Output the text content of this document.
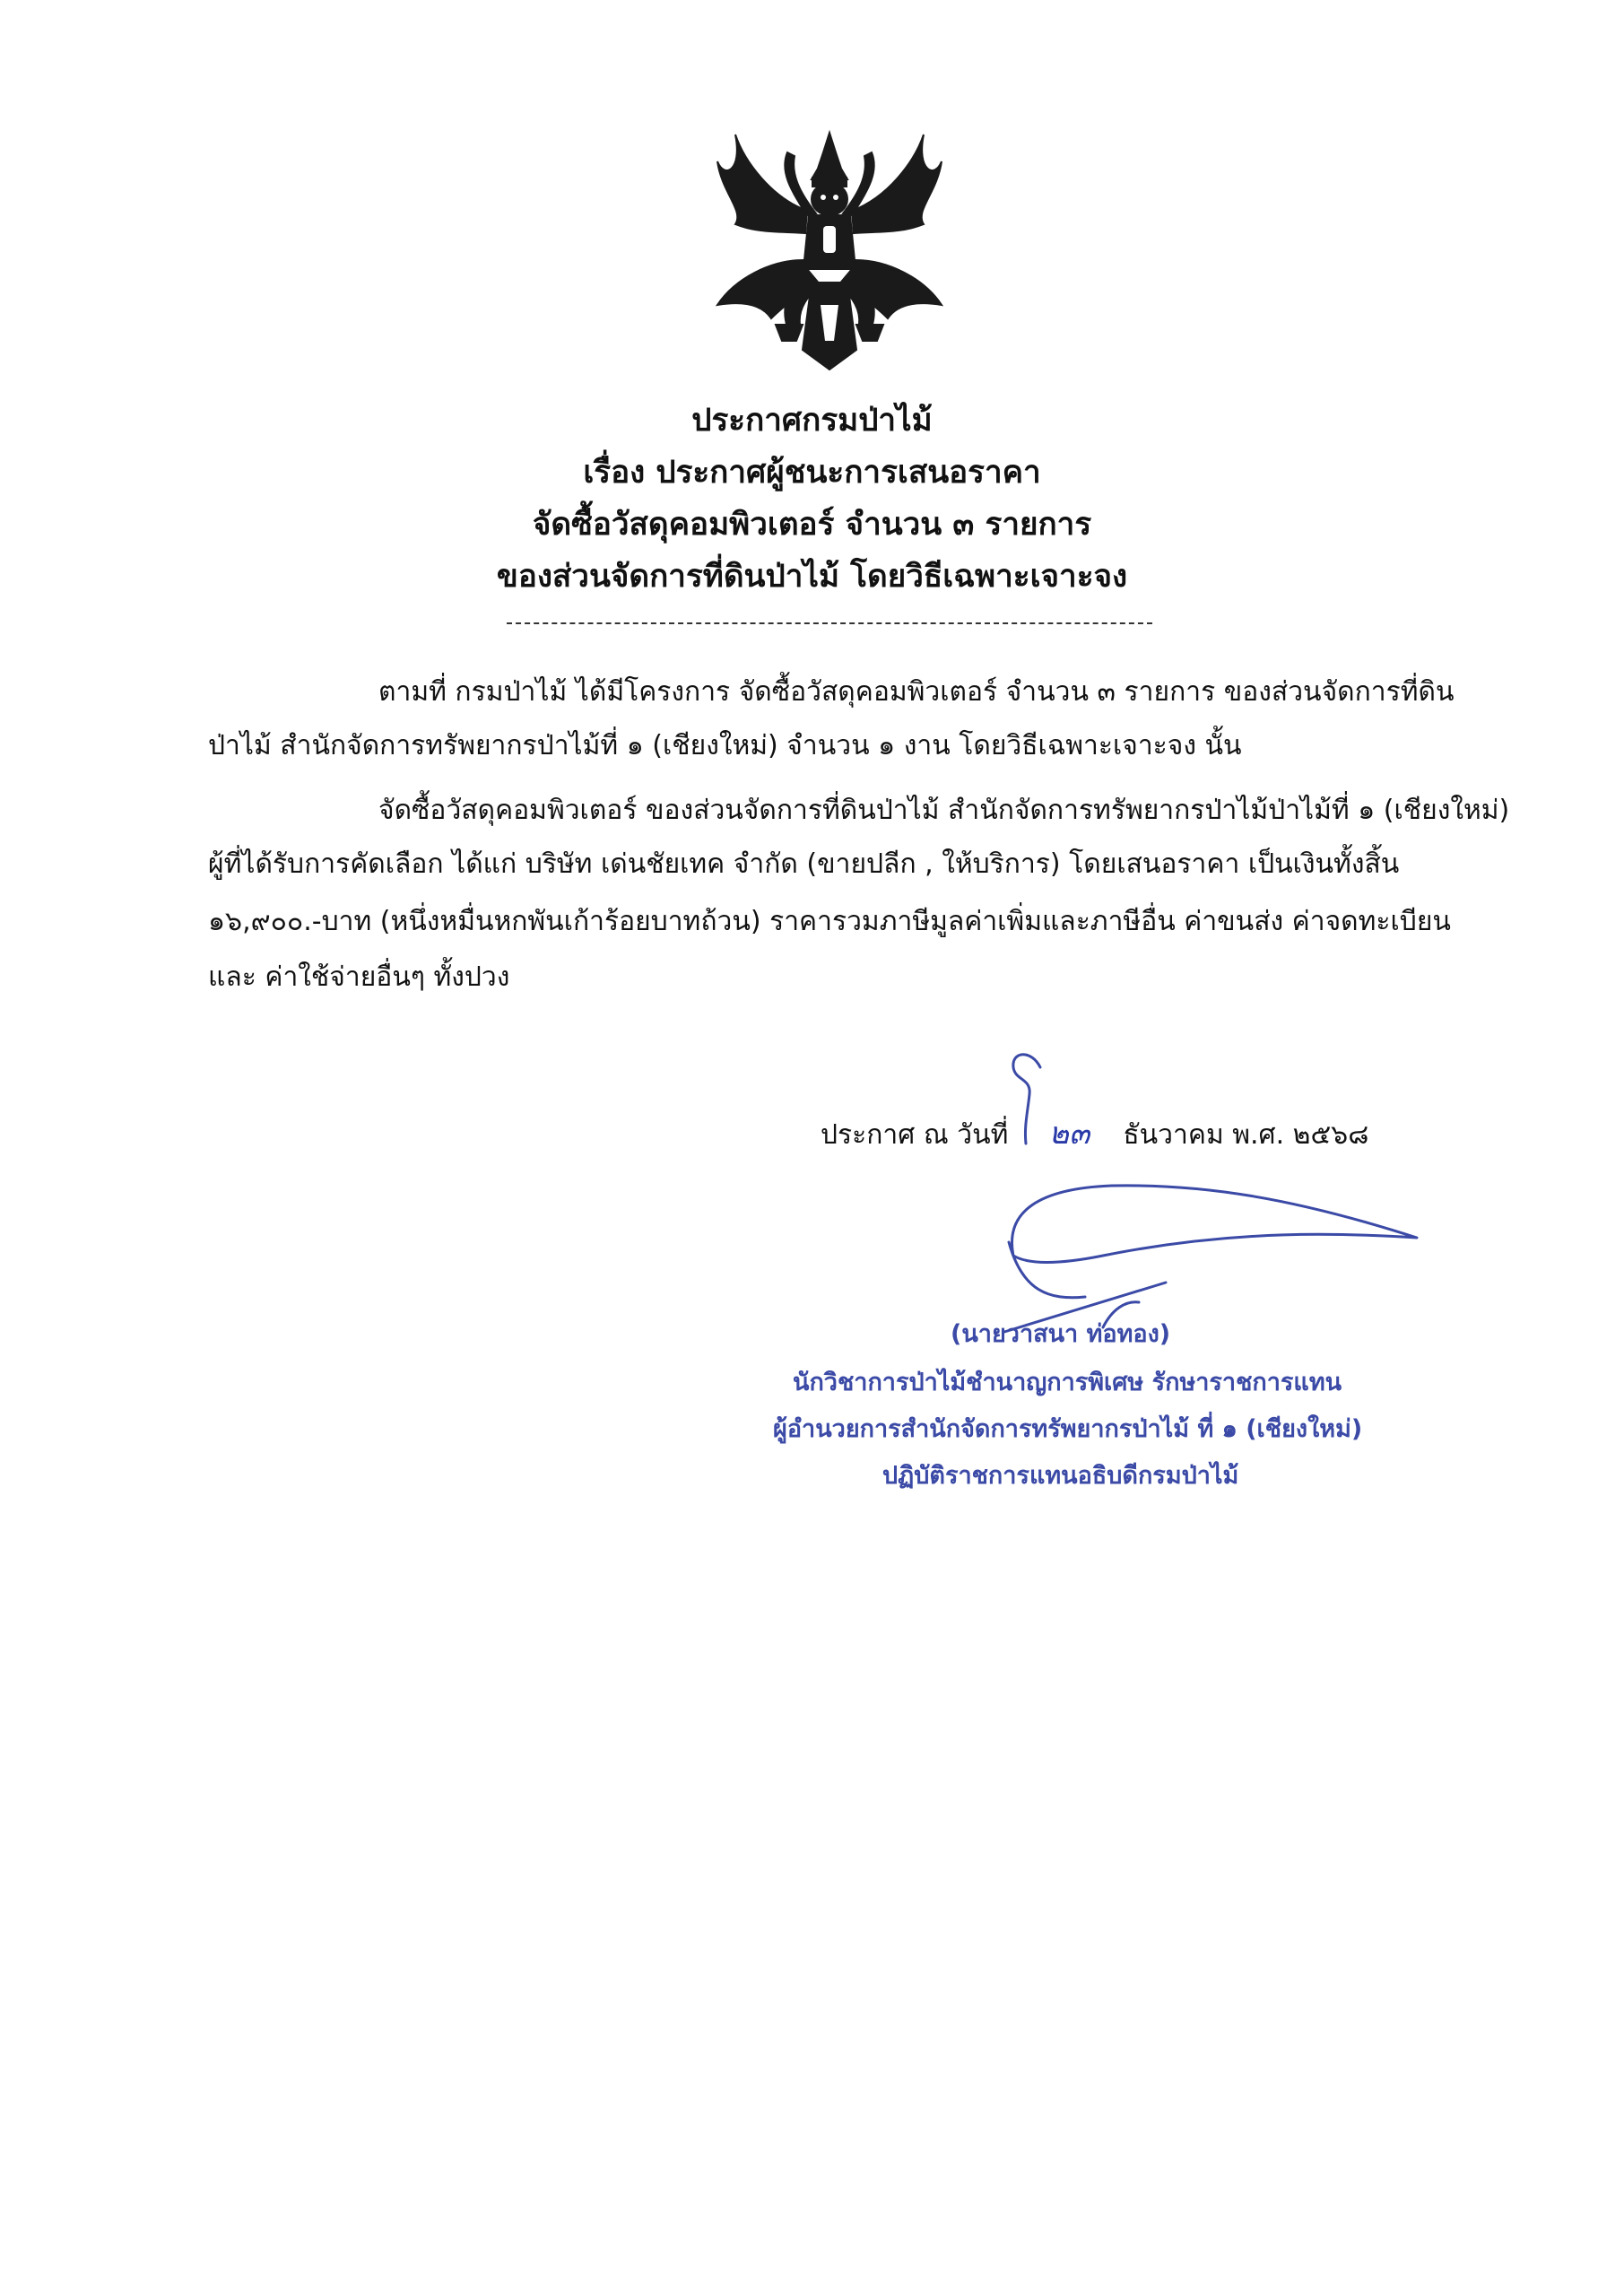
ประกาศกรมป่าไม้
เรื่อง ประกาศผู้ชนะการเสนอราคา
จัดซื้อวัสดุคอมพิวเตอร์ จำนวน ๓ รายการ
ของส่วนจัดการที่ดินป่าไม้ โดยวิธีเฉพาะเจาะจง
ตามที่ กรมป่าไม้ ได้มีโครงการ จัดซื้อวัสดุคอมพิวเตอร์ จำนวน ๓ รายการ ของส่วนจัดการที่ดิน
ป่าไม้ สำนักจัดการทรัพยากรป่าไม้ที่ ๑ (เชียงใหม่) จำนวน ๑ งาน โดยวิธีเฉพาะเจาะจง นั้น
จัดซื้อวัสดุคอมพิวเตอร์ ของส่วนจัดการที่ดินป่าไม้ สำนักจัดการทรัพยากรป่าไม้ป่าไม้ที่ ๑ (เชียงใหม่)
ผู้ที่ได้รับการคัดเลือก ได้แก่ บริษัท เด่นชัยเทค จำกัด (ขายปลีก , ให้บริการ) โดยเสนอราคา เป็นเงินทั้งสิ้น
๑๖,๙๐๐.-บาท (หนึ่งหมื่นหกพันเก้าร้อยบาทถ้วน) ราคารวมภาษีมูลค่าเพิ่มและภาษีอื่น ค่าขนส่ง ค่าจดทะเบียน
และ ค่าใช้จ่ายอื่นๆ ทั้งปวง
ประกาศ ณ วันที่ ๒๓ ธันวาคม พ.ศ. ๒๕๖๘
(นายวาสนา ท่อทอง)
นักวิชาการป่าไม้ชำนาญการพิเศษ รักษาราชการแทน
ผู้อำนวยการสำนักจัดการทรัพยากรป่าไม้ ที่ ๑ (เชียงใหม่)
ปฏิบัติราชการแทนอธิบดีกรมป่าไม้
